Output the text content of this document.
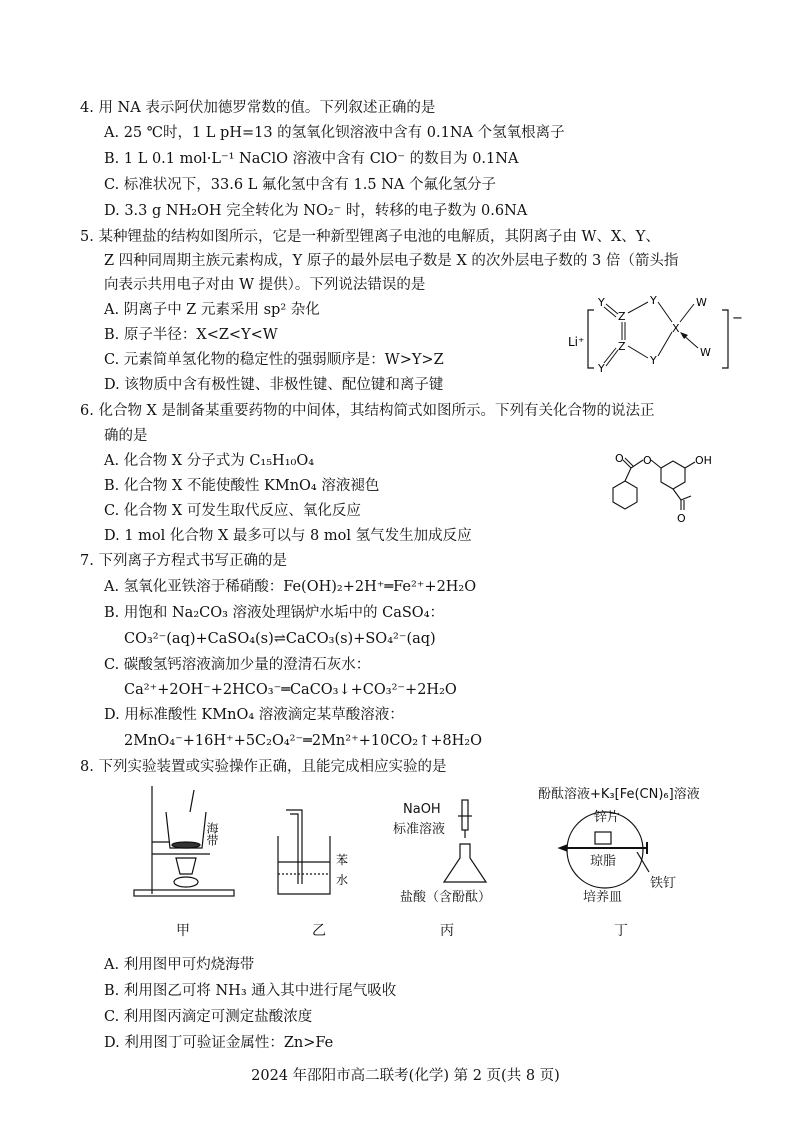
4. 用 NA 表示阿伏加德罗常数的值。下列叙述正确的是
A. 25 ℃时，1 L pH=13 的氢氧化钡溶液中含有 0.1NA 个氢氧根离子
B. 1 L 0.1 mol·L⁻¹ NaClO 溶液中含有 ClO⁻ 的数目为 0.1NA
C. 标准状况下，33.6 L 氟化氢中含有 1.5 NA 个氟化氢分子
D. 3.3 g NH₂OH 完全转化为 NO₂⁻ 时，转移的电子数为 0.6NA
5. 某种锂盐的结构如图所示，它是一种新型锂离子电池的电解质，其阴离子由 W、X、Y、
Z 四种同周期主族元素构成，Y 原子的最外层电子数是 X 的次外层电子数的 3 倍（箭头指
向表示共用电子对由 W 提供）。下列说法错误的是
A. 阴离子中 Z 元素采用 sp² 杂化
B. 原子半径：X<Z<Y<W
C. 元素简单氢化物的稳定性的强弱顺序是：W>Y>Z
D. 该物质中含有极性键、非极性键、配位键和离子键
Li⁺
−
Y
Z
Y
X
W
Z
Y
W
Y
6. 化合物 X 是制备某重要药物的中间体，其结构简式如图所示。下列有关化合物的说法正
确的是
A. 化合物 X 分子式为 C₁₅H₁₀O₄
B. 化合物 X 不能使酸性 KMnO₄ 溶液褪色
C. 化合物 X 可发生取代反应、氧化反应
D. 1 mol 化合物 X 最多可以与 8 mol 氢气发生加成反应
O O	OH
O
7. 下列离子方程式书写正确的是
A. 氢氧化亚铁溶于稀硝酸：Fe(OH)₂+2H⁺═Fe²⁺+2H₂O
B. 用饱和 Na₂CO₃ 溶液处理锅炉水垢中的 CaSO₄：
CO₃²⁻(aq)+CaSO₄(s)⇌CaCO₃(s)+SO₄²⁻(aq)
C. 碳酸氢钙溶液滴加少量的澄清石灰水：
Ca²⁺+2OH⁻+2HCO₃⁻═CaCO₃↓+CO₃²⁻+2H₂O
D. 用标准酸性 KMnO₄ 溶液滴定某草酸溶液：
2MnO₄⁻+16H⁺+5C₂O₄²⁻═2Mn²⁺+10CO₂↑+8H₂O
8. 下列实验装置或实验操作正确，且能完成相应实验的是
海带
苯
水
NaOH
标准溶液
盐酸（含酚酞）
酚酞溶液+K₃[Fe(CN)₆]溶液
锌片
琼脂
铁钉
培养皿
甲	乙	丙	丁
A. 利用图甲可灼烧海带
B. 利用图乙可将 NH₃ 通入其中进行尾气吸收
C. 利用图丙滴定可测定盐酸浓度
D. 利用图丁可验证金属性：Zn>Fe
2024 年邵阳市高二联考(化学) 第 2 页(共 8 页)
